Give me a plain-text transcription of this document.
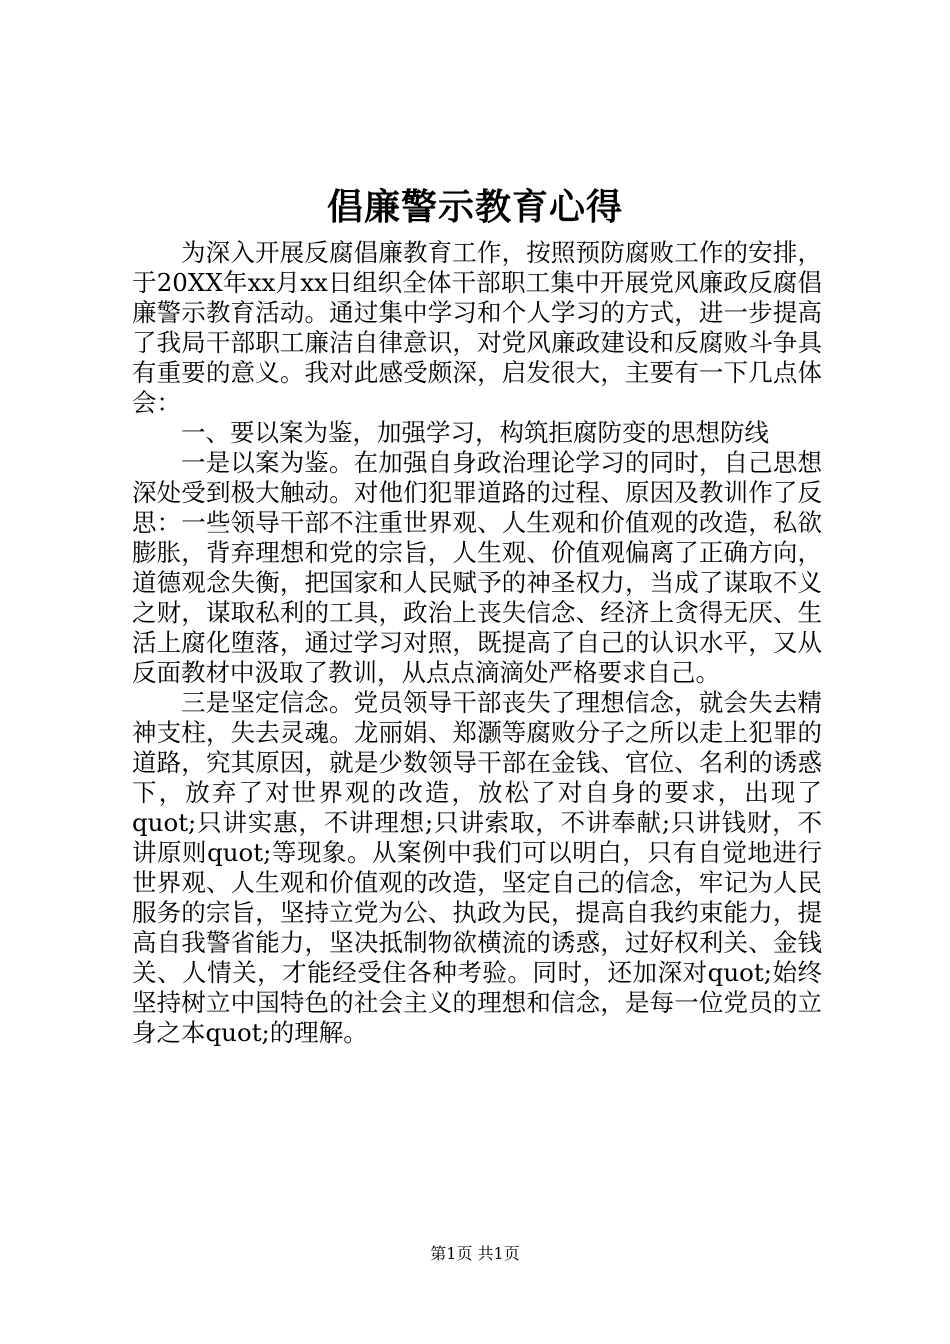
倡廉警示教育心得

为深入开展反腐倡廉教育工作，按照预防腐败工作的安排，于20XX年xx月xx日组织全体干部职工集中开展党风廉政反腐倡廉警示教育活动。通过集中学习和个人学习的方式，进一步提高了我局干部职工廉洁自律意识，对党风廉政建设和反腐败斗争具有重要的意义。我对此感受颇深，启发很大，主要有一下几点体会：

一、要以案为鉴，加强学习，构筑拒腐防变的思想防线

一是以案为鉴。在加强自身政治理论学习的同时，自己思想深处受到极大触动。对他们犯罪道路的过程、原因及教训作了反思：一些领导干部不注重世界观、人生观和价值观的改造，私欲膨胀，背弃理想和党的宗旨，人生观、价值观偏离了正确方向，道德观念失衡，把国家和人民赋予的神圣权力，当成了谋取不义之财，谋取私利的工具，政治上丧失信念、经济上贪得无厌、生活上腐化堕落，通过学习对照，既提高了自己的认识水平，又从反面教材中汲取了教训，从点点滴滴处严格要求自己。

三是坚定信念。党员领导干部丧失了理想信念，就会失去精神支柱，失去灵魂。龙丽娟、郑灏等腐败分子之所以走上犯罪的道路，究其原因，就是少数领导干部在金钱、官位、名利的诱惑下，放弃了对世界观的改造，放松了对自身的要求，出现了quot;只讲实惠，不讲理想;只讲索取，不讲奉献;只讲钱财，不讲原则quot;等现象。从案例中我们可以明白，只有自觉地进行世界观、人生观和价值观的改造，坚定自己的信念，牢记为人民服务的宗旨，坚持立党为公、执政为民，提高自我约束能力，提高自我警省能力，坚决抵制物欲横流的诱惑，过好权利关、金钱关、人情关，才能经受住各种考验。同时，还加深对quot;始终坚持树立中国特色的社会主义的理想和信念，是每一位党员的立身之本quot;的理解。

第1页 共1页
